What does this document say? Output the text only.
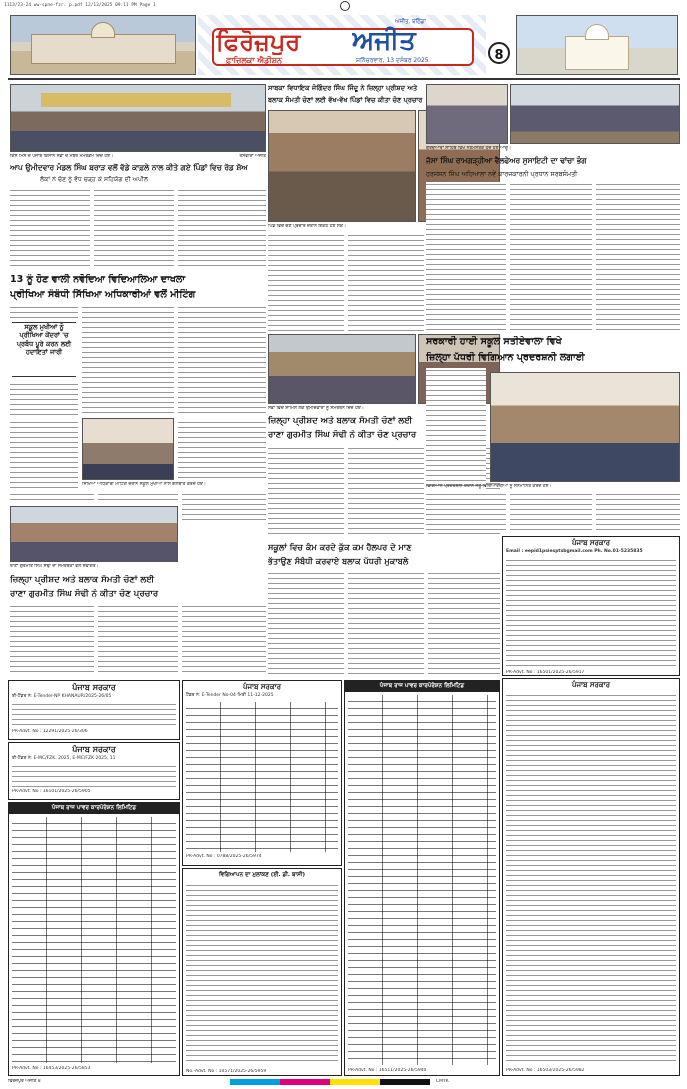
1113/23-24 ww-spne-fzr. p.pdf 12/13/2025 09:11 PM Page 1
ਅਜੀਤ, ਬਠਿੰਡਾ
ਫਿਰੋਜ਼ਪੁਰ	ਅਜੀਤ
ਫ਼ਾਜ਼ਿਲਕਾ ਐਡੀਸ਼ਨ	ਸ਼ਨਿੱਚਰਵਾਰ, 13 ਦਸੰਬਰ 2025	8
ਕਿਸ ਮਿਸ ਦੇ ਪੰਜਾਬ ਕਿਸਾਨ ਸਭਾ ਦੇ ਮੈਂਬਰ ਮੈਮੋਰੰਡਮ ਦਿੰਦੇ ਹੋਏ।	ਤਸਵੀਰਾਂ ਅਜੀਤ
ਆਪ ਉਮੀਦਵਾਰ ਮੰਡਲ ਸਿੰਘ ਬਰਾੜ ਵਲੋਂ ਵੱਡੇ ਕਾਫ਼ਲੇ ਨਾਲ ਕੀਤੇ ਗਏ ਪਿੰਡਾਂ ਵਿਚ ਰੋਡ ਸ਼ੋਅ
ਲੋਕਾਂ ਨੇ ਚੋਣ ਨੂੰ ਵੱਧ ਚੜ੍ਹ ਕੇ ਸਹਿਯੋਗ ਦੀ ਅਪੀਲ
13 ਨੂੰ ਹੋਣ ਵਾਲੀ ਨਵੋਦਿਆ ਵਿਦਿਆਲਿਆ ਦਾਖਲਾ
ਪ੍ਰੀਖਿਆ ਸੰਬੰਧੀ ਸਿੱਖਿਆ ਅਧਿਕਾਰੀਆਂ ਵਲੋਂ ਮੀਟਿੰਗ
ਸਕੂਲ ਮੁਖੀਆਂ ਨੂੰ ਪ੍ਰੀਖਿਆ ਕੇਂਦਰਾਂ 'ਚ ਪ੍ਰਬੰਧ ਪੂਰੇ ਕਰਨ ਲਈ ਹਦਾਇਤਾਂ ਜਾਰੀ
ਸਿੱਖਿਆ ਅਧਿਕਾਰੀ ਮੀਟਿੰਗ ਦੌਰਾਨ ਸਕੂਲ ਮੁਖੀਆਂ ਨਾਲ ਗੱਲਬਾਤ ਕਰਦੇ ਹੋਏ।
ਰਾਣਾ ਗੁਰਮੀਤ ਸਿੰਘ ਸੋਢੀ ਦਾ ਸਮਰਥਕਾਂ ਵਲੋਂ ਸਵਾਗਤ।
ਜ਼ਿਲ੍ਹਾ ਪ੍ਰੀਸ਼ਦ ਅਤੇ ਬਲਾਕ ਸੰਮਤੀ ਚੋਣਾਂ ਲਈ
ਰਾਣਾ ਗੁਰਮੀਤ ਸਿੰਘ ਸੋਢੀ ਨੇ ਕੀਤਾ ਚੋਣ ਪ੍ਰਚਾਰ
ਸਾਬਕਾ ਵਿਧਾਇਕ ਜੋਗਿੰਦਰ ਸਿੰਘ ਜਿੰਦੂ ਨੇ ਜ਼ਿਲ੍ਹਾ ਪ੍ਰੀਸ਼ਦ ਅਤੇ
ਬਲਾਕ ਸੰਮਤੀ ਚੋਣਾਂ ਲਈ ਵੱਖ-ਵੱਖ ਪਿੰਡਾਂ ਵਿਚ ਕੀਤਾ ਚੋਣ ਪ੍ਰਚਾਰ
ਪਿੰਡ ਵਿਚ ਚੋਣ ਪ੍ਰਚਾਰ ਦੌਰਾਨ ਇਕੱਠੇ ਹੋਏ ਲੋਕ।
ਸਭਾ ਵਿਚ ਸ਼ਾਮਿਲ ਲੋਕ ਉਮੀਦਵਾਰਾਂ ਨੂੰ ਸਮਰਥਨ ਦਿੰਦੇ ਹੋਏ।
ਜ਼ਿਲ੍ਹਾ ਪ੍ਰੀਸ਼ਦ ਅਤੇ ਬਲਾਕ ਸੰਮਤੀ ਚੋਣਾਂ ਲਈ
ਰਾਣਾ ਗੁਰਮੀਤ ਸਿੰਘ ਸੋਢੀ ਨੇ ਕੀਤਾ ਚੋਣ ਪ੍ਰਚਾਰ
ਸਕੂਲਾਂ ਵਿਚ ਕੰਮ ਕਰਦੇ ਕੁੱਕ ਕਮ ਹੈਲਪਰ ਦੇ ਮਾਣ
ਭੱਤਾਉਣ ਸੰਬੰਧੀ ਕਰਵਾਏ ਬਲਾਕ ਪੱਧਰੀ ਮੁਕਾਬਲੇ
ਗੁਰਦੁਆਰਾ ਸਾਹਿਬ ਵਿਖੇ ਨਤਮਸਤਕ ਹੁੰਦੇ ਹੋਏ ਆਗੂ।
ਜੱਸਾ ਸਿੰਘ ਰਾਮਗੜ੍ਹੀਆ ਵੈਲਫੇਅਰ ਸੁਸਾਇਟੀ ਦਾ ਢਾਂਚਾ ਭੰਗ
ਹਰਜਸ਼ਨ ਸਿੰਘ ਅਹਿਆਲਾ ਨਵੇਂ ਕਾਰਜਕਾਰਨੀ ਪ੍ਰਧਾਨ ਸਰਬਸੰਮਤੀ
ਸਰਕਾਰੀ ਹਾਈ ਸਕੂਲ ਸਤੀਏਵਾਲਾ ਵਿਖੇ
ਜ਼ਿਲ੍ਹਾ ਪੱਧਰੀ ਵਿਗਿਆਨ ਪ੍ਰਦਰਸ਼ਨੀ ਲਗਾਈ
ਵਿਗਿਆਨ ਪ੍ਰਦਰਸ਼ਨੀ ਦੌਰਾਨ ਜੇਤੂ ਵਿਦਿਆਰਥੀਆਂ ਨੂੰ ਸਨਮਾਨਿਤ ਕਰਦੇ ਹੋਏ।
ਪੰਜਾਬ ਸਰਕਾਰ
ਈ-ਟੈਂਡਰ ਨੰ: E-Tender-NP KHANAUR/2025-26/05
PR-Advt. No : 12291/2025-26/306
ਪੰਜਾਬ ਸਰਕਾਰ
ਈ-ਟੈਂਡਰ ਨੰ: E-MC/FZK. 2025, E-MC/FZK 2025, 11
PR-Advt. No : 16101/2025-26/5905
ਪੰਜਾਬ ਰਾਜ ਪਾਵਰ ਕਾਰਪੋਰੇਸ਼ਨ ਲਿਮਿਟਿਡ
PR-Advt. No : 16453/2025-26/5853
ਪੰਜਾਬ ਸਰਕਾਰ
ਟੈਂਡਰ ਨੰ: E-Tender No-04 ਮਿਤੀ 11-12-2025
PR-Advt. No : 0788/2025-26/5974
ਵਿਗਿਆਪਨ ਦਾ ਮੁਲਾਂਕਣ (ਈ. ਡੀ. ਬਾਸੀ)
No.-Advt. No : 10571/2025-26/5959
ਪੰਜਾਬ ਰਾਜ ਪਾਵਰ ਕਾਰਪੋਰੇਸ਼ਨ ਲਿਮਿਟਿਡ
PR-Advt. No : 16511/2025-26/5940
ਪੰਜਾਬ ਸਰਕਾਰ
Email : eepid1psiesptsbgmail.com Ph. No.01-5235835
PR-Advt. No : 16501/2025-26/5917
ਪੰਜਾਬ ਸਰਕਾਰ
PR-Advt. No : 16503/2025-26/5982
ਫਿਰੋਜ਼ਪੁਰ ਅਜੀਤ 8	CMYK
